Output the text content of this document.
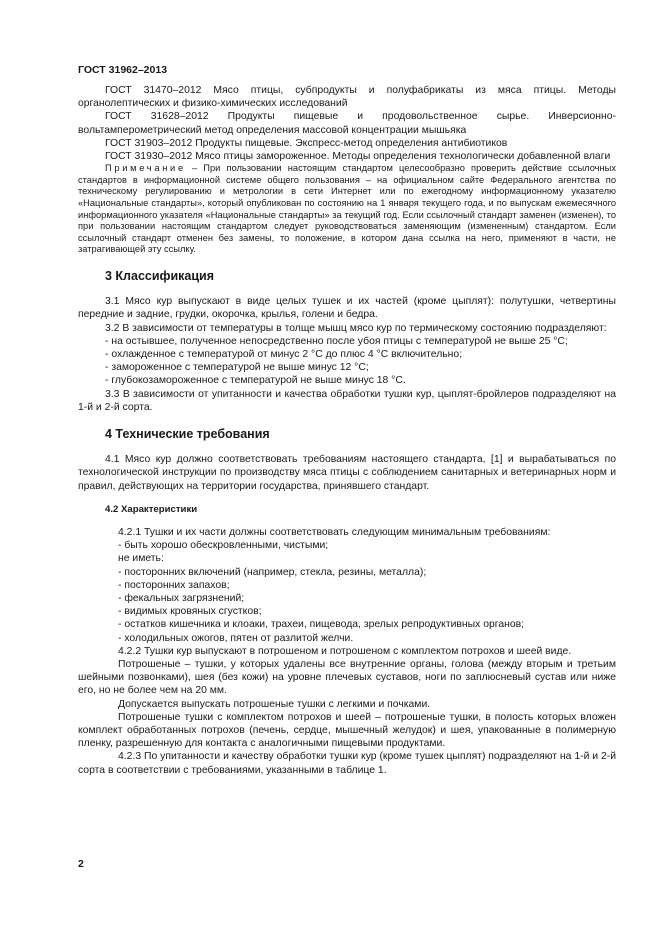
ГОСТ 31962–2013

ГОСТ 31470–2012 Мясо птицы, субпродукты и полуфабрикаты из мяса птицы. Методы органолептических и физико-химических исследований

ГОСТ 31628–2012 Продукты пищевые и продовольственное сырье. Инверсионно-вольтамперометрический метод определения массовой концентрации мышьяка

ГОСТ 31903–2012 Продукты пищевые. Экспресс-метод определения антибиотиков

ГОСТ 31930–2012 Мясо птицы замороженное. Методы определения технологически добавленной влаги

Примечание – При пользовании настоящим стандартом целесообразно проверить действие ссылочных стандартов в информационной системе общего пользования – на официальном сайте Федерального агентства по техническому регулированию и метрологии в сети Интернет или по ежегодному информационному указателю «Национальные стандарты», который опубликован по состоянию на 1 января текущего года, и по выпускам ежемесячного информационного указателя «Национальные стандарты» за текущий год. Если ссылочный стандарт заменен (изменен), то при пользовании настоящим стандартом следует руководствоваться заменяющим (измененным) стандартом. Если ссылочный стандарт отменен без замены, то положение, в котором дана ссылка на него, применяют в части, не затрагивающей эту ссылку.

3 Классификация

3.1 Мясо кур выпускают в виде целых тушек и их частей (кроме цыплят): полутушки, четвертины передние и задние, грудки, окорочка, крылья, голени и бедра.

3.2 В зависимости от температуры в толще мышц мясо кур по термическому состоянию подразделяют:

- на остывшее, полученное непосредственно после убоя птицы с температурой не выше 25 °С;

- охлажденное с температурой от минус 2 °С до плюс 4 °С включительно;

- замороженное с температурой не выше минус 12 °С;

- глубокозамороженное с температурой не выше минус 18 °С.

3.3 В зависимости от упитанности и качества обработки тушки кур, цыплят-бройлеров подразделяют на 1-й и 2-й сорта.

4 Технические требования

4.1 Мясо кур должно соответствовать требованиям настоящего стандарта, [1] и вырабатываться по технологической инструкции по производству мяса птицы с соблюдением санитарных и ветеринарных норм и правил, действующих на территории государства, принявшего стандарт.

4.2 Характеристики

4.2.1 Тушки и их части должны соответствовать следующим минимальным требованиям:

- быть хорошо обескровленными, чистыми;

не иметь:

- посторонних включений (например, стекла, резины, металла);

- посторонних запахов;

- фекальных загрязнений;

- видимых кровяных сгустков;

- остатков кишечника и клоаки, трахеи, пищевода, зрелых репродуктивных органов;

- холодильных ожогов, пятен от разлитой желчи.

4.2.2 Тушки кур выпускают в потрошеном и потрошеном с комплектом потрохов и шеей виде.

Потрошеные – тушки, у которых удалены все внутренние органы, голова (между вторым и третьим шейными позвонками), шея (без кожи) на уровне плечевых суставов, ноги по заплюсневый сустав или ниже его, но не более чем на 20 мм.

Допускается выпускать потрошеные тушки с легкими и почками.

Потрошеные тушки с комплектом потрохов и шеей – потрошеные тушки, в полость которых вложен комплект обработанных потрохов (печень, сердце, мышечный желудок) и шея, упакованные в полимерную пленку, разрешенную для контакта с аналогичными пищевыми продуктами.

4.2.3 По упитанности и качеству обработки тушки кур (кроме тушек цыплят) подразделяют на 1-й и 2-й сорта в соответствии с требованиями, указанными в таблице 1.

2
